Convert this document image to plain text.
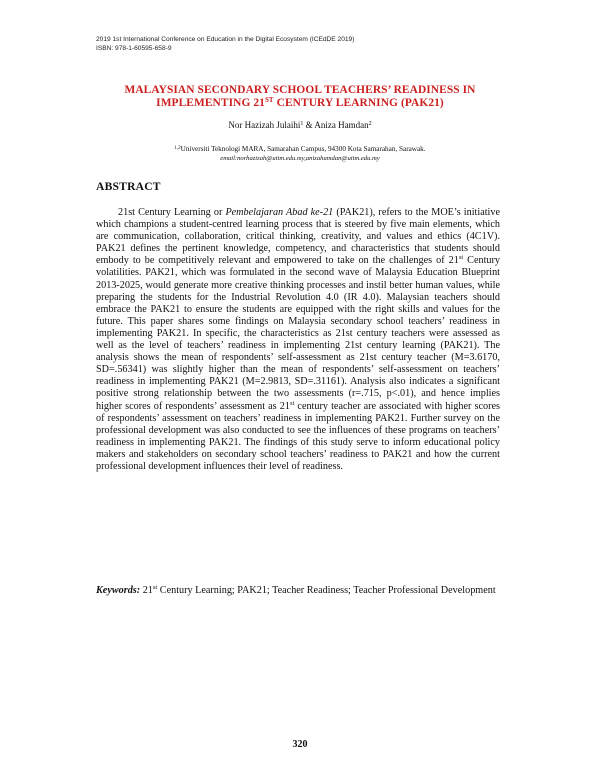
2019 1st International Conference on Education in the Digital Ecosystem (ICEdDE 2019)
ISBN: 978-1-60595-658-9
MALAYSIAN SECONDARY SCHOOL TEACHERS’ READINESS IN
IMPLEMENTING 21ST CENTURY LEARNING (PAK21)
Nor Hazizah Julaihi$^1$ & Aniza Hamdan$^2$
$^{1,2}$Universiti Teknologi MARA, Samarahan Campus, 94300 Kota Samarahan, Sarawak.
email:norhazizah@uitm.edu.my,anizahamdan@uitm.edu.my
ABSTRACT

21st Century Learning or Pembelajaran Abad ke-21 (PAK21), refers to the MOE’s initiative which champions a student-centred learning process that is steered by five main elements, which are communication, collaboration, critical thinking, creativity, and values and ethics (4C1V). PAK21 defines the pertinent knowledge, competency, and characteristics that students should embody to be competitively relevant and empowered to take on the challenges of 21st Century volatilities. PAK21, which was formulated in the second wave of Malaysia Education Blueprint 2013-2025, would generate more creative thinking processes and instil better human values, while preparing the students for the Industrial Revolution 4.0 (IR 4.0). Malaysian teachers should embrace the PAK21 to ensure the students are equipped with the right skills and values for the future. This paper shares some findings on Malaysia secondary school teachers’ readiness in implementing PAK21. In specific, the characteristics as 21st century teachers were assessed as well as the level of teachers’ readiness in implementing 21st century learning (PAK21). The analysis shows the mean of respondents’ self-assessment as 21st century teacher (M=3.6170, SD=.56341) was slightly higher than the mean of respondents’ self-assessment on teachers’ readiness in implementing PAK21 (M=2.9813, SD=.31161). Analysis also indicates a significant positive strong relationship between the two assessments (r=.715, p<.01), and hence implies higher scores of respondents’ assessment as 21st century teacher are associated with higher scores of respondents’ assessment on teachers’ readiness in implementing PAK21. Further survey on the professional development was also conducted to see the influences of these programs on teachers’ readiness in implementing PAK21. The findings of this study serve to inform educational policy makers and stakeholders on secondary school teachers’ readiness to PAK21 and how the current professional development influences their level of readiness.

Keywords: 21st Century Learning; PAK21; Teacher Readiness; Teacher Professional Development

320
